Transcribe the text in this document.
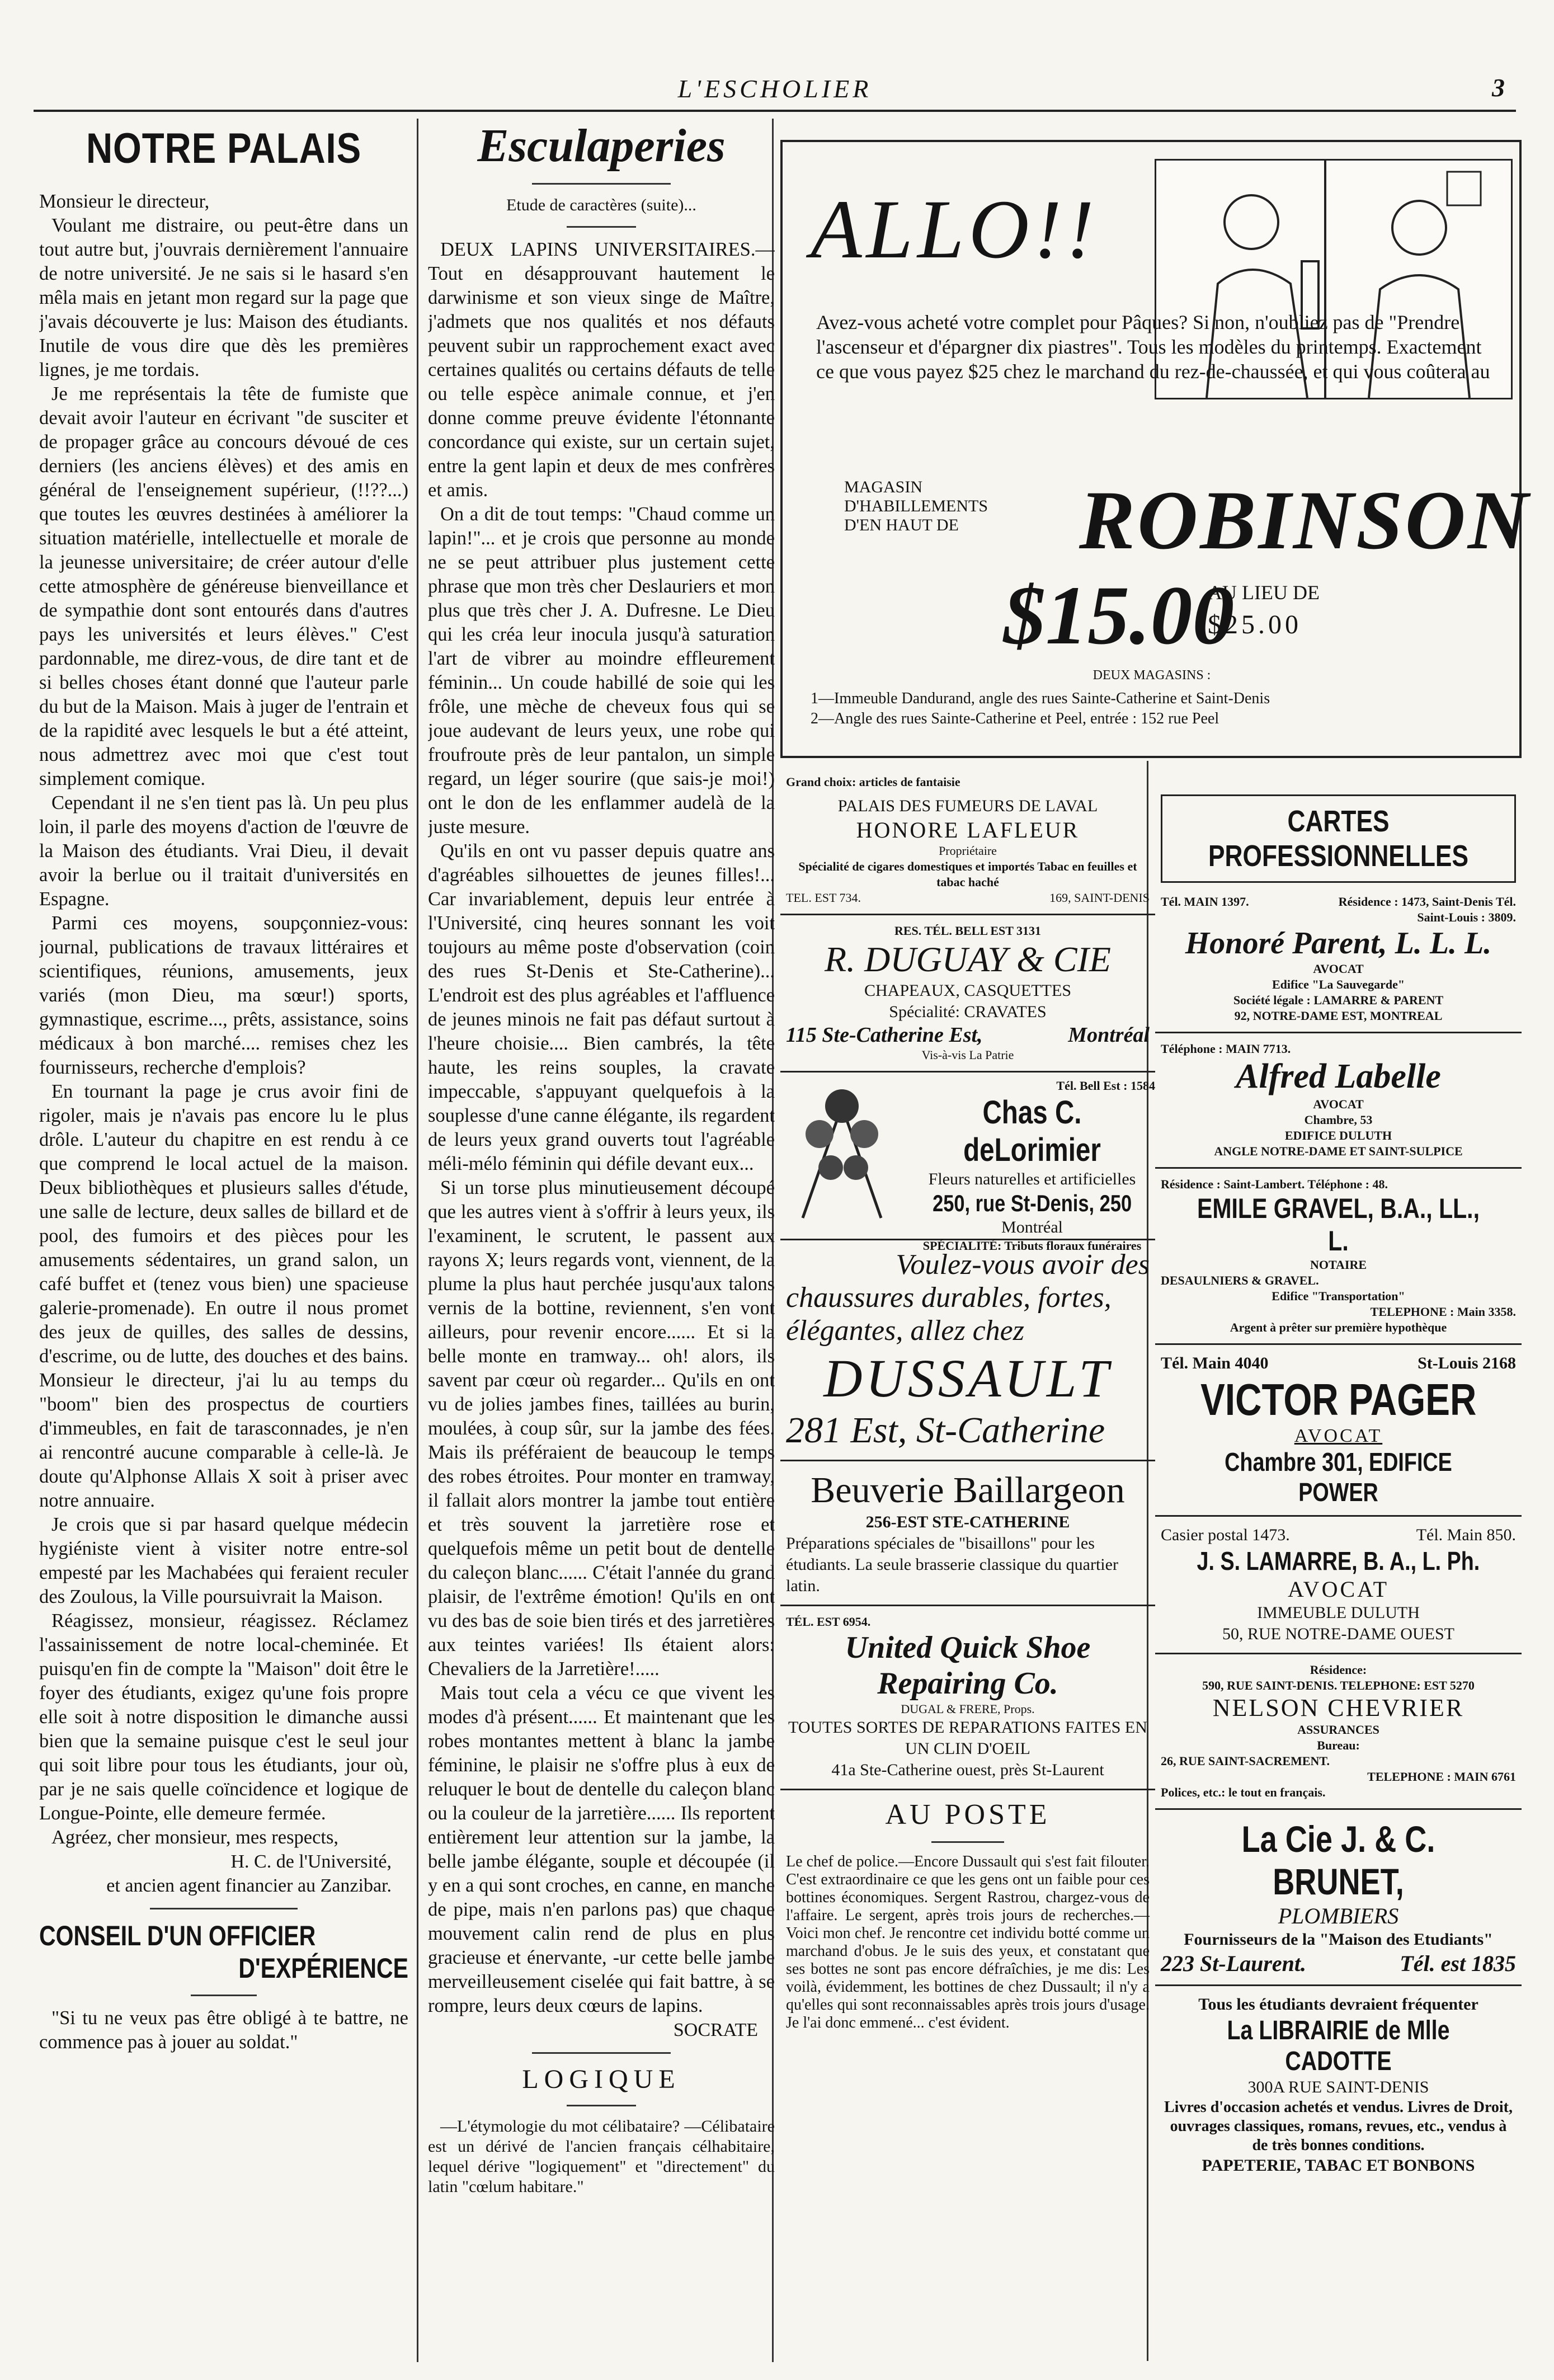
L'ESCHOLIER	3
NOTRE PALAIS
Monsieur le directeur,
Voulant me distraire, ou peut-être dans un tout autre but, j'ouvrais dernièrement l'annuaire de notre université. Je ne sais si le hasard s'en mêla mais en jetant mon regard sur la page que j'avais découverte je lus: Maison des étudiants. Inutile de vous dire que dès les premières lignes, je me tordais.
Je me représentais la tête de fumiste que devait avoir l'auteur en écrivant "de susciter et de propager grâce au concours dévoué de ces derniers (les anciens élèves) et des amis en général de l'enseignement supérieur, (!!??...) que toutes les œuvres destinées à améliorer la situation matérielle, intellectuelle et morale de la jeunesse universitaire; de créer autour d'elle cette atmosphère de généreuse bienveillance et de sympathie dont sont entourés dans d'autres pays les universités et leurs élèves." C'est pardonnable, me direz-vous, de dire tant et de si belles choses étant donné que l'auteur parle du but de la Maison. Mais à juger de l'entrain et de la rapidité avec lesquels le but a été atteint, nous admettrez avec moi que c'est tout simplement comique.
Cependant il ne s'en tient pas là. Un peu plus loin, il parle des moyens d'action de l'œuvre de la Maison des étudiants. Vrai Dieu, il devait avoir la berlue ou il traitait d'universités en Espagne.
Parmi ces moyens, soupçonniez-vous: journal, publications de travaux littéraires et scientifiques, réunions, amusements, jeux variés (mon Dieu, ma sœur!) sports, gymnastique, escrime..., prêts, assistance, soins médicaux à bon marché.... remises chez les fournisseurs, recherche d'emplois?
En tournant la page je crus avoir fini de rigoler, mais je n'avais pas encore lu le plus drôle. L'auteur du chapitre en est rendu à ce que comprend le local actuel de la maison. Deux bibliothèques et plusieurs salles d'étude, une salle de lecture, deux salles de billard et de pool, des fumoirs et des pièces pour les amusements sédentaires, un grand salon, un café buffet et (tenez vous bien) une spacieuse galerie-promenade). En outre il nous promet des jeux de quilles, des salles de dessins, d'escrime, ou de lutte, des douches et des bains. Monsieur le directeur, j'ai lu au temps du "boom" bien des prospectus de courtiers d'immeubles, en fait de tarasconnades, je n'en ai rencontré aucune comparable à celle-là. Je doute qu'Alphonse Allais X soit à priser avec notre annuaire.
Je crois que si par hasard quelque médecin hygiéniste vient à visiter notre entre-sol empesté par les Machabées qui feraient reculer des Zoulous, la Ville poursuivrait la Maison.
Réagissez, monsieur, réagissez. Réclamez l'assainissement de notre local-cheminée. Et puisqu'en fin de compte la "Maison" doit être le foyer des étudiants, exigez qu'une fois propre elle soit à notre disposition le dimanche aussi bien que la semaine puisque c'est le seul jour qui soit libre pour tous les étudiants, jour où, par je ne sais quelle coïncidence et logique de Longue-Pointe, elle demeure fermée.
Agréez, cher monsieur, mes respects,
H. C. de l'Université,
et ancien agent financier au Zanzibar.
CONSEIL D'UN OFFICIER
D'EXPÉRIENCE
"Si tu ne veux pas être obligé à te battre, ne commence pas à jouer au soldat."
Esculaperies
Etude de caractères (suite)...
DEUX LAPINS UNIVERSITAIRES.—Tout en désapprouvant hautement le darwinisme et son vieux singe de Maître, j'admets que nos qualités et nos défauts peuvent subir un rapprochement exact avec certaines qualités ou certains défauts de telle ou telle espèce animale connue, et j'en donne comme preuve évidente l'étonnante concordance qui existe, sur un certain sujet, entre la gent lapin et deux de mes confrères et amis.
On a dit de tout temps: "Chaud comme un lapin!"... et je crois que personne au monde ne se peut attribuer plus justement cette phrase que mon très cher Deslauriers et mon plus que très cher J. A. Dufresne. Le Dieu qui les créa leur inocula jusqu'à saturation l'art de vibrer au moindre effleurement féminin... Un coude habillé de soie qui les frôle, une mèche de cheveux fous qui se joue audevant de leurs yeux, une robe qui froufroute près de leur pantalon, un simple regard, un léger sourire (que sais-je moi!) ont le don de les enflammer audelà de la juste mesure.
Qu'ils en ont vu passer depuis quatre ans d'agréables silhouettes de jeunes filles!... Car invariablement, depuis leur entrée à l'Université, cinq heures sonnant les voit toujours au même poste d'observation (coin des rues St-Denis et Ste-Catherine)... L'endroit est des plus agréables et l'affluence de jeunes minois ne fait pas défaut surtout à l'heure choisie.... Bien cambrés, la tête haute, les reins souples, la cravate impeccable, s'appuyant quelquefois à la souplesse d'une canne élégante, ils regardent de leurs yeux grand ouverts tout l'agréable méli-mélo féminin qui défile devant eux...
Si un torse plus minutieusement découpé que les autres vient à s'offrir à leurs yeux, ils l'examinent, le scrutent, le passent aux rayons X; leurs regards vont, viennent, de la plume la plus haut perchée jusqu'aux talons vernis de la bottine, reviennent, s'en vont ailleurs, pour revenir encore...... Et si la belle monte en tramway... oh! alors, ils savent par cœur où regarder... Qu'ils en ont vu de jolies jambes fines, taillées au burin, moulées, à coup sûr, sur la jambe des fées. Mais ils préféraient de beaucoup le temps des robes étroites. Pour monter en tramway, il fallait alors montrer la jambe tout entière et très souvent la jarretière rose et quelquefois même un petit bout de dentelle du caleçon blanc...... C'était l'année du grand plaisir, de l'extrême émotion! Qu'ils en ont vu des bas de soie bien tirés et des jarretières aux teintes variées! Ils étaient alors: Chevaliers de la Jarretière!.....
Mais tout cela a vécu ce que vivent les modes d'à présent...... Et maintenant que les robes montantes mettent à blanc la jambe féminine, le plaisir ne s'offre plus à eux de reluquer le bout de dentelle du caleçon blanc ou la couleur de la jarretière...... Ils reportent entièrement leur attention sur la jambe, la belle jambe élégante, souple et découpée (il y en a qui sont croches, en canne, en manche de pipe, mais n'en parlons pas) que chaque mouvement calin rend de plus en plus gracieuse et énervante, -ur cette belle jambe merveilleusement ciselée qui fait battre, à se rompre, leurs deux cœurs de lapins.
SOCRATE
LOGIQUE
—L'étymologie du mot célibataire? —Célibataire est un dérivé de l'ancien français célhabitaire, lequel dérive "logiquement" et "directement" du latin "cœlum habitare."
ALLO!!
Avez-vous acheté votre complet pour Pâques? Si non, n'oubliez pas de "Prendre l'ascenseur et d'épargner dix piastres". Tous les modèles du printemps. Exactement ce que vous payez $25 chez le marchand du rez-de-chaussée, et qui vous coûtera au
MAGASIN
D'HABILLEMENTS
D'EN HAUT DE	ROBINSON
$15.00
AU LIEU DE
$25.00
DEUX MAGASINS :
1—Immeuble Dandurand, angle des rues Sainte-Catherine et Saint-Denis
2—Angle des rues Sainte-Catherine et Peel, entrée : 152 rue Peel
Grand choix: articles de fantaisie
PALAIS DES FUMEURS DE LAVAL
HONORE LAFLEUR
Propriétaire
Spécialité de cigares domestiques et importés Tabac en feuilles et tabac haché
TEL. EST 734.	169, SAINT-DENIS
RES. TÉL. BELL EST 3131
R. DUGUAY & CIE
CHAPEAUX, CASQUETTES
Spécialité: CRAVATES
115 Ste-Catherine Est,	Montréal
Vis-à-vis La Patrie
Tél. Bell Est : 1584
Chas C. deLorimier
Fleurs naturelles et artificielles
250, rue St-Denis, 250
Montréal
SPÉCIALITÉ: Tributs floraux funéraires
Voulez-vous avoir des
chaussures durables, fortes,
élégantes, allez chez
DUSSAULT
281 Est, St-Catherine
Beuverie Baillargeon
256-EST STE-CATHERINE
Préparations spéciales de "bisaillons" pour les étudiants. La seule brasserie classique du quartier latin.
TÉL. EST 6954.
United Quick Shoe Repairing Co.
DUGAL & FRERE, Props.
TOUTES SORTES DE REPARATIONS FAITES EN UN CLIN D'OEIL
41a Ste-Catherine ouest, près St-Laurent
AU POSTE
Le chef de police.—Encore Dussault qui s'est fait filouter. C'est extraordinaire ce que les gens ont un faible pour ces bottines économiques. Sergent Rastrou, chargez-vous de l'affaire. Le sergent, après trois jours de recherches.—Voici mon chef. Je rencontre cet individu botté comme un marchand d'obus. Je le suis des yeux, et constatant que ses bottes ne sont pas encore défraîchies, je me dis: Les voilà, évidemment, les bottines de chez Dussault; il n'y a qu'elles qui sont reconnaissables après trois jours d'usage. Je l'ai donc emmené... c'est évident.
CARTES PROFESSIONNELLES
Tél. MAIN 1397.	Résidence : 1473, Saint-Denis Tél. Saint-Louis : 3809.
Honoré Parent, L. L. L.
AVOCAT
Edifice "La Sauvegarde"
Société légale : LAMARRE & PARENT
92, NOTRE-DAME EST, MONTREAL
Téléphone : MAIN 7713.
Alfred Labelle
AVOCAT
Chambre, 53
EDIFICE DULUTH
ANGLE NOTRE-DAME ET SAINT-SULPICE
Résidence : Saint-Lambert. Téléphone : 48.
EMILE GRAVEL, B.A., LL., L.
NOTAIRE
DESAULNIERS & GRAVEL.
Edifice "Transportation"
TELEPHONE : Main 3358.
Argent à prêter sur première hypothèque
Tél. Main 4040	St-Louis 2168
VICTOR PAGER
AVOCAT
Chambre 301, EDIFICE POWER
Casier postal 1473.	Tél. Main 850.
J. S. LAMARRE, B. A., L. Ph.
AVOCAT
IMMEUBLE DULUTH
50, RUE NOTRE-DAME OUEST
Résidence:
590, RUE SAINT-DENIS. TELEPHONE: EST 5270
NELSON CHEVRIER
ASSURANCES
Bureau:
26, RUE SAINT-SACREMENT.
TELEPHONE : MAIN 6761
Polices, etc.: le tout en français.
La Cie J. & C. BRUNET,
PLOMBIERS
Fournisseurs de la "Maison des Etudiants"
223 St-Laurent.	Tél. est 1835
Tous les étudiants devraient fréquenter
La LIBRAIRIE de Mlle CADOTTE
300A RUE SAINT-DENIS
Livres d'occasion achetés et vendus. Livres de Droit, ouvrages classiques, romans, revues, etc., vendus à de très bonnes conditions.
PAPETERIE, TABAC ET BONBONS
